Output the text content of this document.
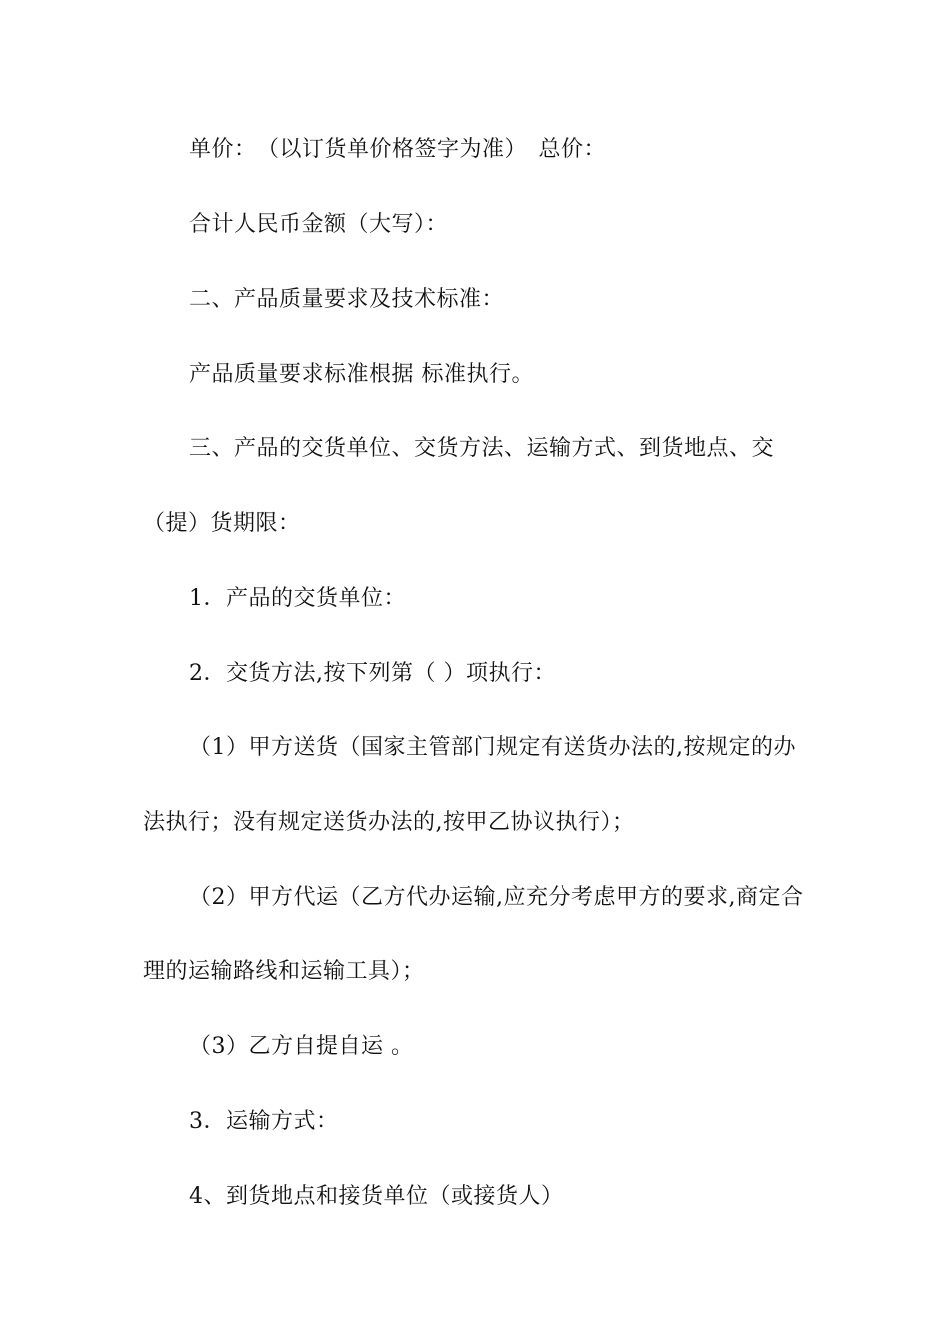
单价：　（以订货单价格签字为准）　总价：

合计人民币金额（大写）：

二、产品质量要求及技术标准：

产品质量要求标准根据 标准执行。

三、产品的交货单位、交货方法、运输方式、到货地点、交

（提）货期限：

1．产品的交货单位：

2．交货方法,按下列第（ ）项执行：

（1）甲方送货（国家主管部门规定有送货办法的,按规定的办

法执行；没有规定送货办法的,按甲乙协议执行）；

（2）甲方代运（乙方代办运输,应充分考虑甲方的要求,商定合

理的运输路线和运输工具）；

（3）乙方自提自运 。

3．运输方式：

4、到货地点和接货单位（或接货人）
